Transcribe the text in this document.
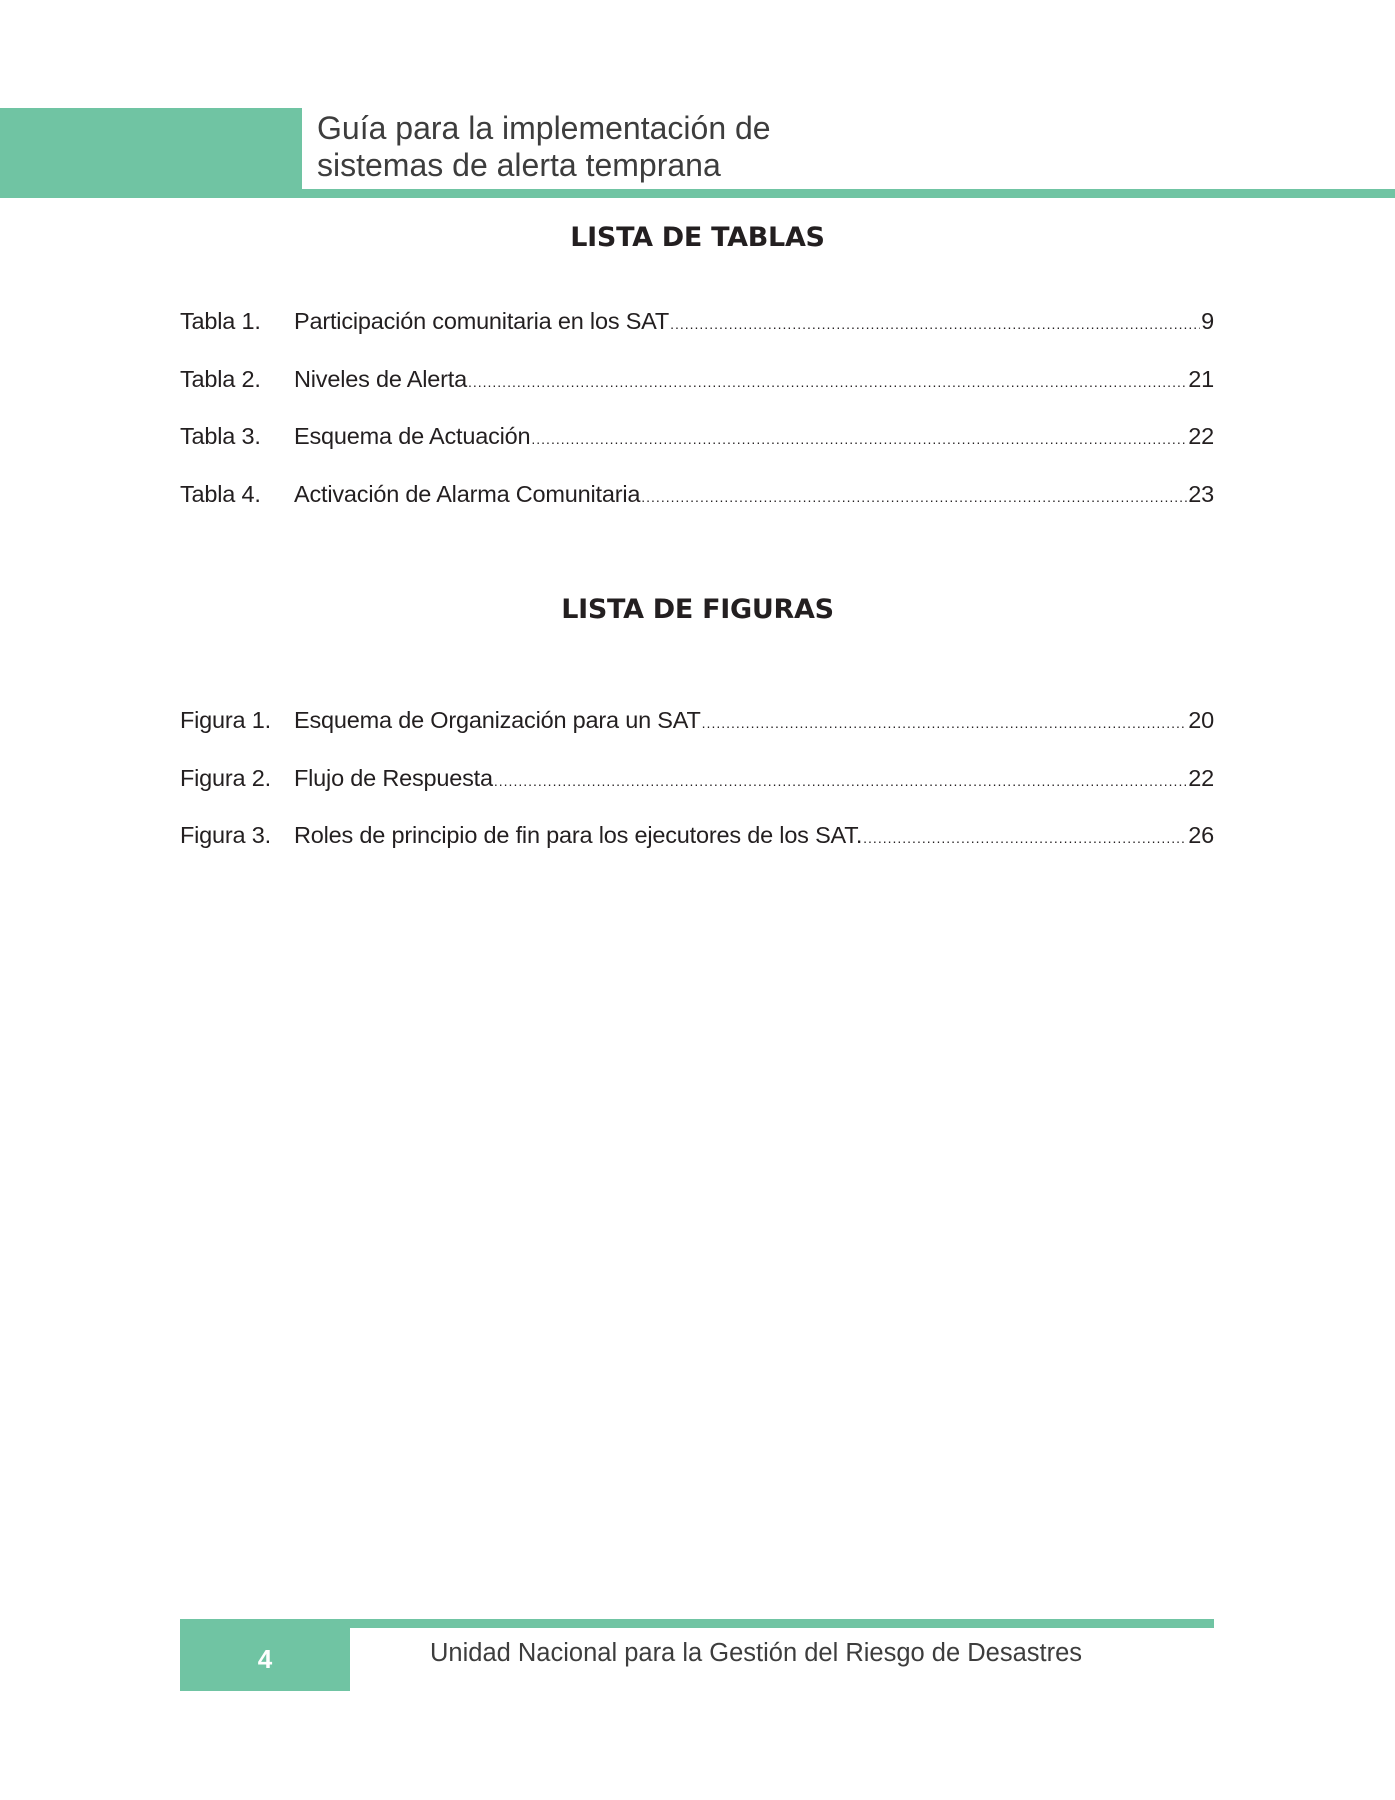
Guía para la implementación de
sistemas de alerta temprana
LISTA DE TABLAS
Tabla 1.	Participación comunitaria en los SAT .....	9
Tabla 2.	Niveles de Alerta .....	21
Tabla 3.	Esquema de Actuación .....	22
Tabla 4.	Activación de Alarma Comunitaria .....	23
LISTA DE FIGURAS
Figura 1. Esquema de Organización para un SAT .....	20
Figura 2. Flujo de Respuesta .....	22
Figura 3. Roles de principio de fin para los ejecutores de los SAT. .....	26
4	Unidad Nacional para la Gestión del Riesgo de Desastres
